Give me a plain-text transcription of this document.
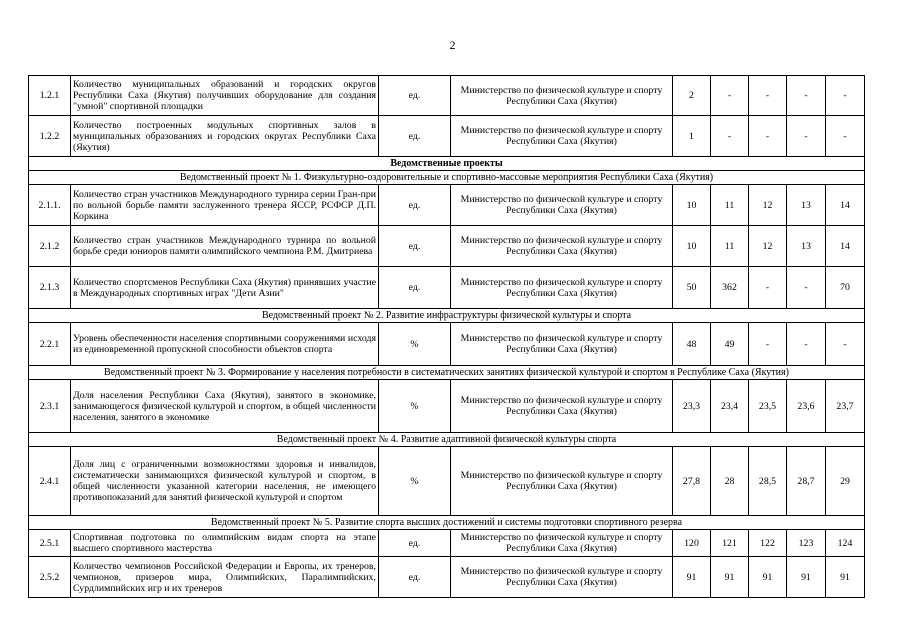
2
1.2.1	Количество муниципальных образований и городских округов Республики Саха (Якутия) получивших оборудование для создания "умной" спортивной площадки	ед.	Министерство по физической культуре и спорту Республики Саха (Якутия)	2	-	-	-	-
1.2.2	Количество построенных модульных спортивных залов в муниципальных образованиях и городских округах Республики Саха (Якутия)	ед.	Министерство по физической культуре и спорту Республики Саха (Якутия)	1	-	-	-	-
Ведомственные проекты								
Ведомственный проект № 1. Физкультурно-оздоровительные и спортивно-массовые мероприятия Республики Саха (Якутия)								
2.1.1.	Количество стран участников Международного турнира серии Гран-при по вольной борьбе памяти заслуженного тренера ЯССР, РСФСР Д.П. Коркина	ед.	Министерство по физической культуре и спорту Республики Саха (Якутия)	10	11	12	13	14
2.1.2	Количество стран участников Международного турнира по вольной борьбе среди юниоров памяти олимпийского чемпиона Р.М. Дмитриева	ед.	Министерство по физической культуре и спорту Республики Саха (Якутия)	10	11	12	13	14
2.1.3	Количество спортсменов Республики Саха (Якутия) принявших участие в Международных спортивных играх "Дети Азии"	ед.	Министерство по физической культуре и спорту Республики Саха (Якутия)	50	362	-	-	70
Ведомственный проект № 2. Развитие инфраструктуры физической культуры и спорта								
2.2.1	Уровень обеспеченности населения спортивными сооружениями исходя из единовременной пропускной способности объектов спорта	%	Министерство по физической культуре и спорту Республики Саха (Якутия)	48	49	-	-	-
Ведомственный проект № 3. Формирование у населения потребности в систематических занятиях физической культурой и спортом в Республике Саха (Якутия)								
2.3.1	Доля населения Республики Саха (Якутия), занятого в экономике, занимающегося физической культурой и спортом, в общей численности населения, занятого в экономике	%	Министерство по физической культуре и спорту Республики Саха (Якутия)	23,3	23,4	23,5	23,6	23,7
Ведомственный проект № 4. Развитие адаптивной физической культуры спорта								
2.4.1	Доля лиц с ограниченными возможностями здоровья и инвалидов, систематически занимающихся физической культурой и спортом, в общей численности указанной категории населения, не имеющего противопоказаний для занятий физической культурой и спортом	%	Министерство по физической культуре и спорту Республики Саха (Якутия)	27,8	28	28,5	28,7	29
Ведомственный проект № 5. Развитие спорта высших достижений и системы подготовки спортивного резерва								
2.5.1	Спортивная подготовка по олимпийским видам спорта на этапе высшего спортивного мастерства	ед.	Министерство по физической культуре и спорту Республики Саха (Якутия)	120	121	122	123	124
2.5.2	Количество чемпионов Российской Федерации и Европы, их тренеров, чемпионов, призеров мира, Олимпийских, Паралимпийских, Сурдлимпийских игр и их тренеров	ед.	Министерство по физической культуре и спорту Республики Саха (Якутия)	91	91	91	91	91
